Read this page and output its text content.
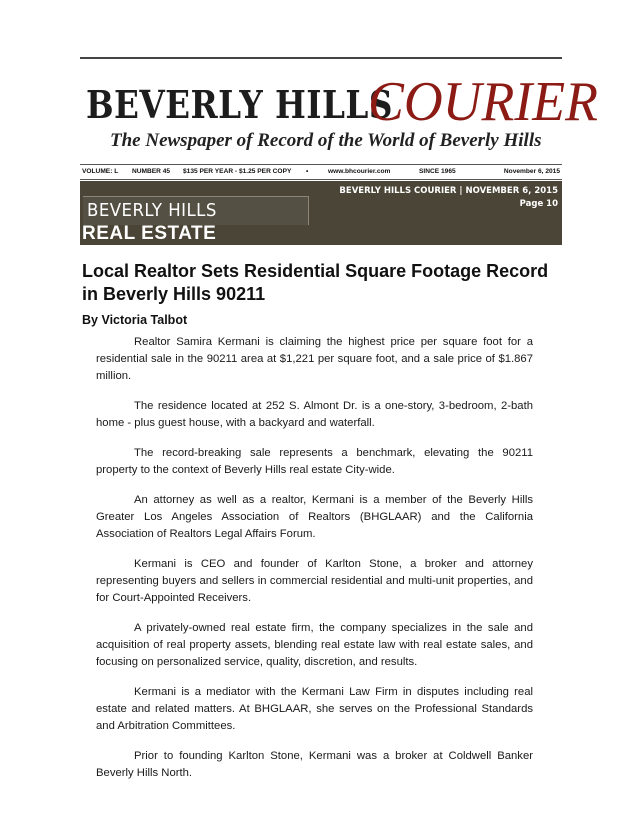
BEVERLY HILLS
COURIER
The Newspaper of Record of the World of Beverly Hills
VOLUME: L NUMBER 45 $135 PER YEAR - $1.25 PER COPY •	www.bhcourier.com	SINCE 1965	November 6, 2015
BEVERLY HILLS COURIER | NOVEMBER 6, 2015
Page 10
BEVERLY HILLS
REAL ESTATE
Local Realtor Sets Residential Square Footage Record in Beverly Hills 90211
By Victoria Talbot

Realtor Samira Kermani is claiming the highest price per square foot for a residential sale in the 90211 area at $1,221 per square foot, and a sale price of $1.867 million.

The residence located at 252 S. Almont Dr. is a one-story, 3-bedroom, 2-bath home - plus guest house, with a backyard and waterfall.

The record-breaking sale represents a benchmark, elevating the 90211 property to the context of Beverly Hills real estate City-wide.

An attorney as well as a realtor, Kermani is a member of the Beverly Hills Greater Los Angeles Association of Realtors (BHGLAAR) and the California Association of Realtors Legal Affairs Forum.

Kermani is CEO and founder of Karlton Stone, a broker and attorney representing buyers and sellers in commercial residential and multi-unit properties, and for Court-Appointed Receivers.

A privately-owned real estate firm, the company specializes in the sale and acquisition of real property assets, blending real estate law with real estate sales, and focusing on personalized service, quality, discretion, and results.

Kermani is a mediator with the Kermani Law Firm in disputes including real estate and related matters. At BHGLAAR, she serves on the Professional Standards and Arbitration Committees.

Prior to founding Karlton Stone, Kermani was a broker at Coldwell Banker Beverly Hills North.
